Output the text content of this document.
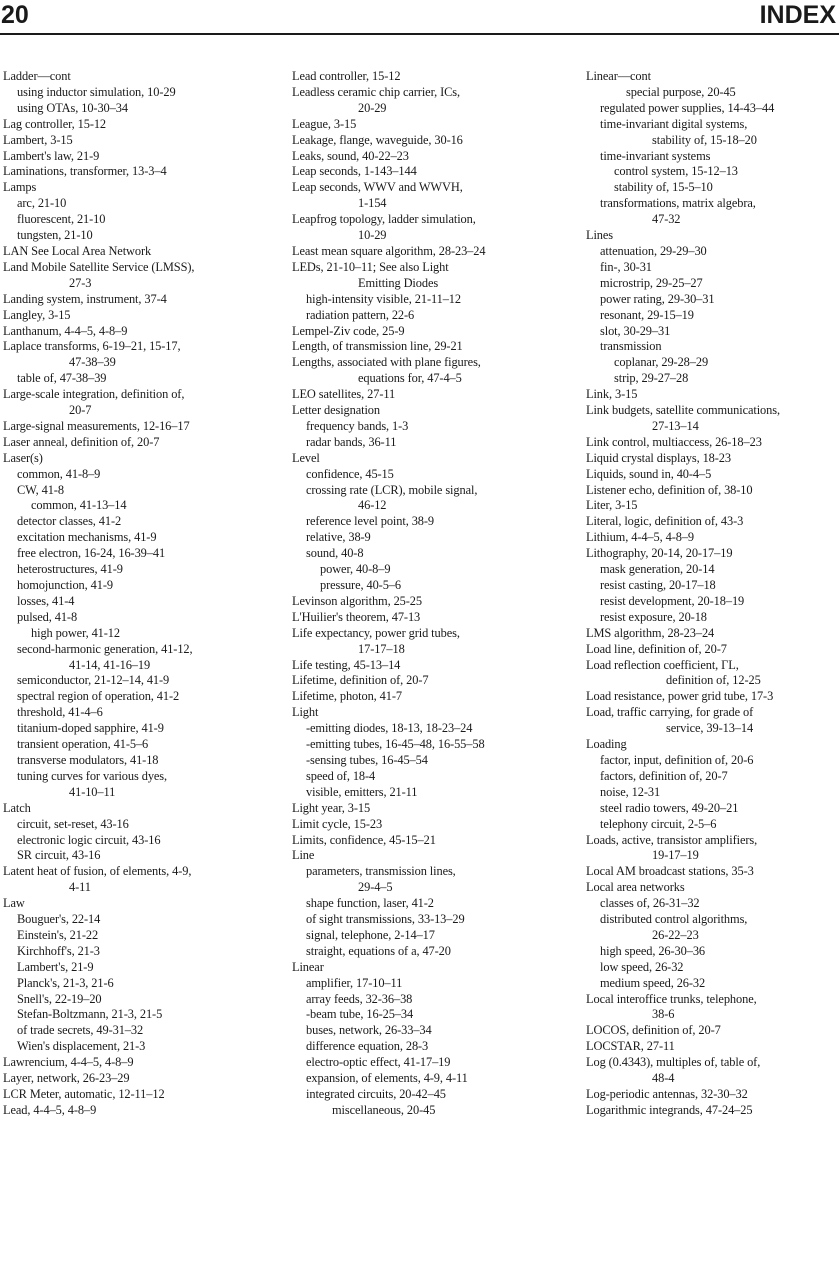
20	INDEX
Ladder—cont
using inductor simulation, 10-29
using OTAs, 10-30–34
Lag controller, 15-12
Lambert, 3-15
Lambert's law, 21-9
Laminations, transformer, 13-3–4
Lamps
arc, 21-10
fluorescent, 21-10
tungsten, 21-10
LAN See Local Area Network
Land Mobile Satellite Service (LMSS),
27-3
Landing system, instrument, 37-4
Langley, 3-15
Lanthanum, 4-4–5, 4-8–9
Laplace transforms, 6-19–21, 15-17,
47-38–39
table of, 47-38–39
Large-scale integration, definition of,
20-7
Large-signal measurements, 12-16–17
Laser anneal, definition of, 20-7
Laser(s)
common, 41-8–9
CW, 41-8
common, 41-13–14
detector classes, 41-2
excitation mechanisms, 41-9
free electron, 16-24, 16-39–41
heterostructures, 41-9
homojunction, 41-9
losses, 41-4
pulsed, 41-8
high power, 41-12
second-harmonic generation, 41-12,
41-14, 41-16–19
semiconductor, 21-12–14, 41-9
spectral region of operation, 41-2
threshold, 41-4–6
titanium-doped sapphire, 41-9
transient operation, 41-5–6
transverse modulators, 41-18
tuning curves for various dyes,
41-10–11
Latch
circuit, set-reset, 43-16
electronic logic circuit, 43-16
SR circuit, 43-16
Latent heat of fusion, of elements, 4-9,
4-11
Law
Bouguer's, 22-14
Einstein's, 21-22
Kirchhoff's, 21-3
Lambert's, 21-9
Planck's, 21-3, 21-6
Snell's, 22-19–20
Stefan-Boltzmann, 21-3, 21-5
of trade secrets, 49-31–32
Wien's displacement, 21-3
Lawrencium, 4-4–5, 4-8–9
Layer, network, 26-23–29
LCR Meter, automatic, 12-11–12
Lead, 4-4–5, 4-8–9
Lead controller, 15-12
Leadless ceramic chip carrier, ICs,
20-29
League, 3-15
Leakage, flange, waveguide, 30-16
Leaks, sound, 40-22–23
Leap seconds, 1-143–144
Leap seconds, WWV and WWVH,
1-154
Leapfrog topology, ladder simulation,
10-29
Least mean square algorithm, 28-23–24
LEDs, 21-10–11; See also Light
Emitting Diodes
high-intensity visible, 21-11–12
radiation pattern, 22-6
Lempel-Ziv code, 25-9
Length, of transmission line, 29-21
Lengths, associated with plane figures,
equations for, 47-4–5
LEO satellites, 27-11
Letter designation
frequency bands, 1-3
radar bands, 36-11
Level
confidence, 45-15
crossing rate (LCR), mobile signal,
46-12
reference level point, 38-9
relative, 38-9
sound, 40-8
power, 40-8–9
pressure, 40-5–6
Levinson algorithm, 25-25
L'Huilier's theorem, 47-13
Life expectancy, power grid tubes,
17-17–18
Life testing, 45-13–14
Lifetime, definition of, 20-7
Lifetime, photon, 41-7
Light
-emitting diodes, 18-13, 18-23–24
-emitting tubes, 16-45–48, 16-55–58
-sensing tubes, 16-45–54
speed of, 18-4
visible, emitters, 21-11
Light year, 3-15
Limit cycle, 15-23
Limits, confidence, 45-15–21
Line
parameters, transmission lines,
29-4–5
shape function, laser, 41-2
of sight transmissions, 33-13–29
signal, telephone, 2-14–17
straight, equations of a, 47-20
Linear
amplifier, 17-10–11
array feeds, 32-36–38
-beam tube, 16-25–34
buses, network, 26-33–34
difference equation, 28-3
electro-optic effect, 41-17–19
expansion, of elements, 4-9, 4-11
integrated circuits, 20-42–45
miscellaneous, 20-45
Linear—cont
special purpose, 20-45
regulated power supplies, 14-43–44
time-invariant digital systems,
stability of, 15-18–20
time-invariant systems
control system, 15-12–13
stability of, 15-5–10
transformations, matrix algebra,
47-32
Lines
attenuation, 29-29–30
fin-, 30-31
microstrip, 29-25–27
power rating, 29-30–31
resonant, 29-15–19
slot, 30-29–31
transmission
coplanar, 29-28–29
strip, 29-27–28
Link, 3-15
Link budgets, satellite communications,
27-13–14
Link control, multiaccess, 26-18–23
Liquid crystal displays, 18-23
Liquids, sound in, 40-4–5
Listener echo, definition of, 38-10
Liter, 3-15
Literal, logic, definition of, 43-3
Lithium, 4-4–5, 4-8–9
Lithography, 20-14, 20-17–19
mask generation, 20-14
resist casting, 20-17–18
resist development, 20-18–19
resist exposure, 20-18
LMS algorithm, 28-23–24
Load line, definition of, 20-7
Load reflection coefficient, ΓL,
definition of, 12-25
Load resistance, power grid tube, 17-3
Load, traffic carrying, for grade of
service, 39-13–14
Loading
factor, input, definition of, 20-6
factors, definition of, 20-7
noise, 12-31
steel radio towers, 49-20–21
telephony circuit, 2-5–6
Loads, active, transistor amplifiers,
19-17–19
Local AM broadcast stations, 35-3
Local area networks
classes of, 26-31–32
distributed control algorithms,
26-22–23
high speed, 26-30–36
low speed, 26-32
medium speed, 26-32
Local interoffice trunks, telephone,
38-6
LOCOS, definition of, 20-7
LOCSTAR, 27-11
Log (0.4343), multiples of, table of,
48-4
Log-periodic antennas, 32-30–32
Logarithmic integrands, 47-24–25
